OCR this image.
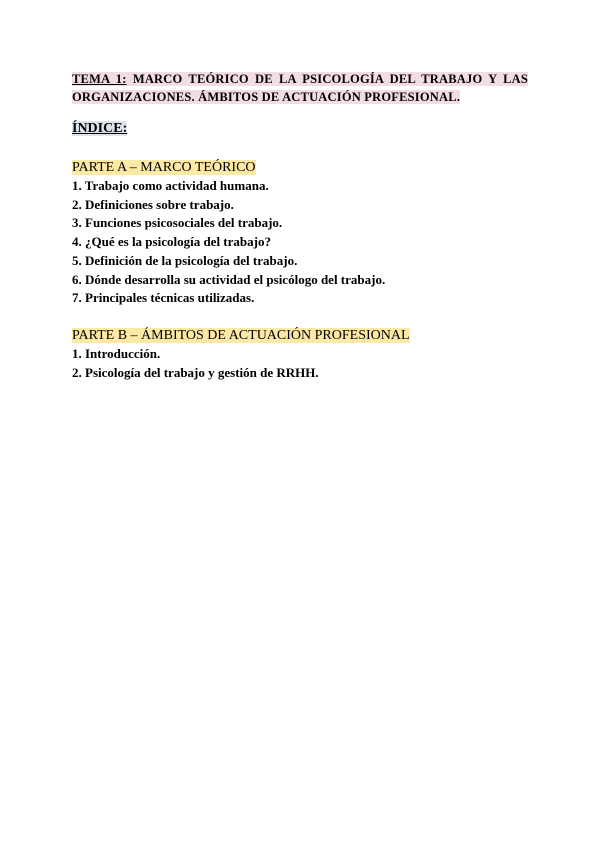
TEMA 1: MARCO TEÓRICO DE LA PSICOLOGÍA DEL TRABAJO Y LAS ORGANIZACIONES. ÁMBITOS DE ACTUACIÓN PROFESIONAL.

ÍNDICE:

PARTE A – MARCO TEÓRICO

1. Trabajo como actividad humana.
2. Definiciones sobre trabajo.
3. Funciones psicosociales del trabajo.
4. ¿Qué es la psicología del trabajo?
5. Definición de la psicología del trabajo.
6. Dónde desarrolla su actividad el psicólogo del trabajo.
7. Principales técnicas utilizadas.

PARTE B – ÁMBITOS DE ACTUACIÓN PROFESIONAL

1. Introducción.
2. Psicología del trabajo y gestión de RRHH.
